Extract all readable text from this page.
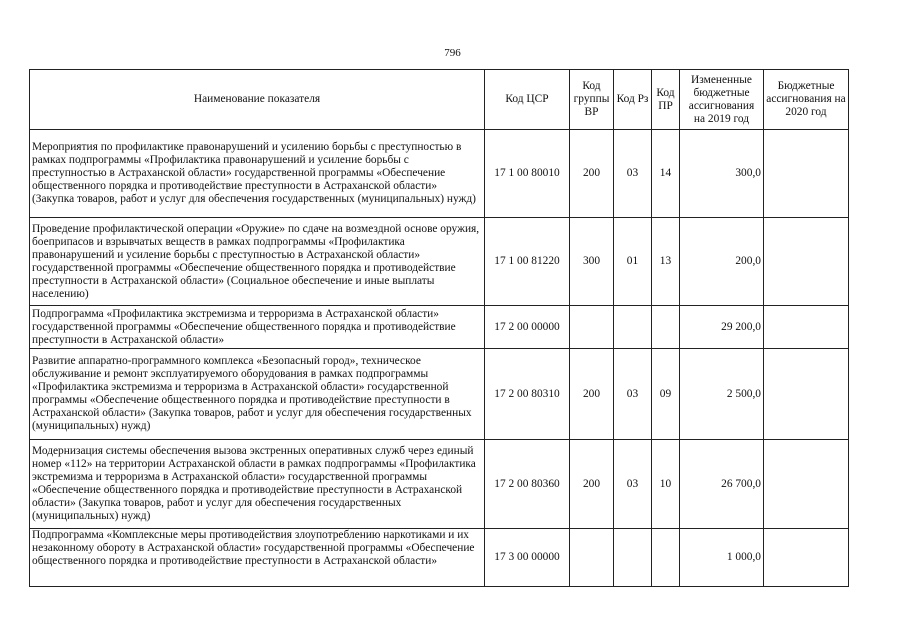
796
Наименование показателя	Код ЦСР	Код группы ВР	Код Рз	Код ПР	Измененные бюджетные ассигнования на 2019 год	Бюджетные ассигнования на 2020 год
Мероприятия по профилактике правонарушений и усилению борьбы с преступностью в рамках подпрограммы «Профилактика правонарушений и усиление борьбы с преступностью в Астраханской области» государственной программы «Обеспечение общественного порядка и противодействие преступности в Астраханской области» (Закупка товаров, работ и услуг для обеспечения государственных (муниципальных) нужд)	17 1 00 80010	200	03	14	300,0	
Проведение профилактической операции «Оружие» по сдаче на возмездной основе оружия, боеприпасов и взрывчатых веществ в рамках подпрограммы «Профилактика правонарушений и усиление борьбы с преступностью в Астраханской области» государственной программы «Обеспечение общественного порядка и противодействие преступности в Астраханской области» (Социальное обеспечение и иные выплаты населению)	17 1 00 81220	300	01	13	200,0	
Подпрограмма «Профилактика экстремизма и терроризма в Астраханской области» государственной программы «Обеспечение общественного порядка и противодействие преступности в Астраханской области»	17 2 00 00000				29 200,0	
Развитие аппаратно-программного комплекса «Безопасный город», техническое обслуживание и ремонт эксплуатируемого оборудования в рамках подпрограммы «Профилактика экстремизма и терроризма в Астраханской области» государственной программы «Обеспечение общественного порядка и противодействие преступности в Астраханской области» (Закупка товаров, работ и услуг для обеспечения государственных (муниципальных) нужд)	17 2 00 80310	200	03	09	2 500,0	
Модернизация системы обеспечения вызова экстренных оперативных служб через единый номер «112» на территории Астраханской области в рамках подпрограммы «Профилактика экстремизма и терроризма в Астраханской области» государственной программы «Обеспечение общественного порядка и противодействие преступности в Астраханской области» (Закупка товаров, работ и услуг для обеспечения государственных (муниципальных) нужд)	17 2 00 80360	200	03	10	26 700,0	
Подпрограмма «Комплексные меры противодействия злоупотреблению наркотиками и их незаконному обороту в Астраханской области» государственной программы «Обеспечение общественного порядка и противодействие преступности в Астраханской области»	17 3 00 00000				1 000,0	
